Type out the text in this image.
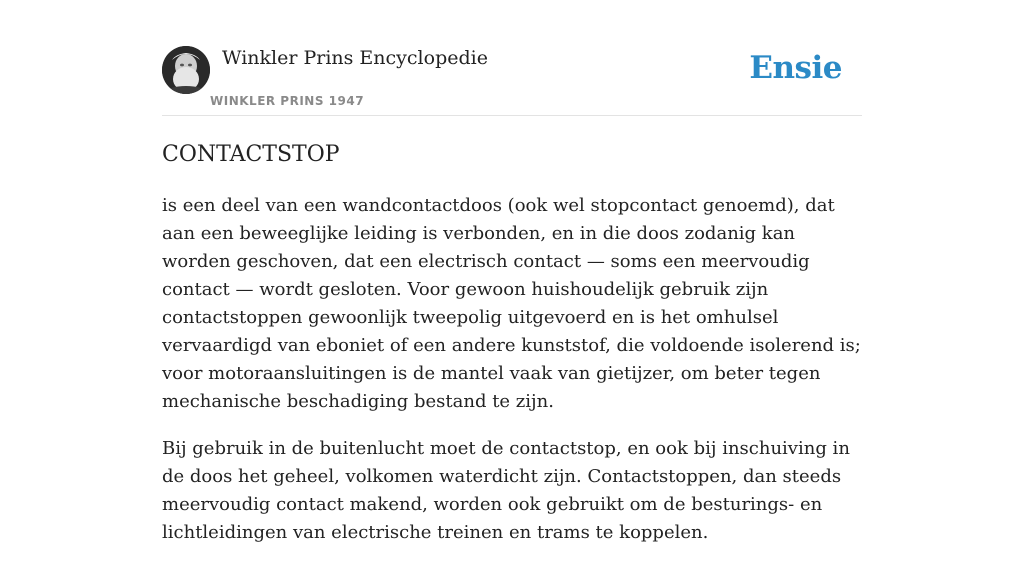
Winkler Prins Encyclopedie
WINKLER PRINS 1947
Ensie
CONTACTSTOP

is een deel van een wandcontactdoos (ook wel stopcontact genoemd), dat aan een beweeglijke leiding is verbonden, en in die doos zodanig kan worden geschoven, dat een electrisch contact — soms een meervoudig contact — wordt gesloten. Voor gewoon huishoudelijk gebruik zijn contactstoppen gewoonlijk tweepolig uitgevoerd en is het omhulsel vervaardigd van eboniet of een andere kunststof, die voldoende isolerend is; voor motoraansluitingen is de mantel vaak van gietijzer, om beter tegen mechanische beschadiging bestand te zijn.

Bij gebruik in de buitenlucht moet de contactstop, en ook bij inschuiving in de doos het geheel, volkomen waterdicht zijn. Contactstoppen, dan steeds meervoudig contact makend, worden ook gebruikt om de besturings- en lichtleidingen van electrische treinen en trams te koppelen.
